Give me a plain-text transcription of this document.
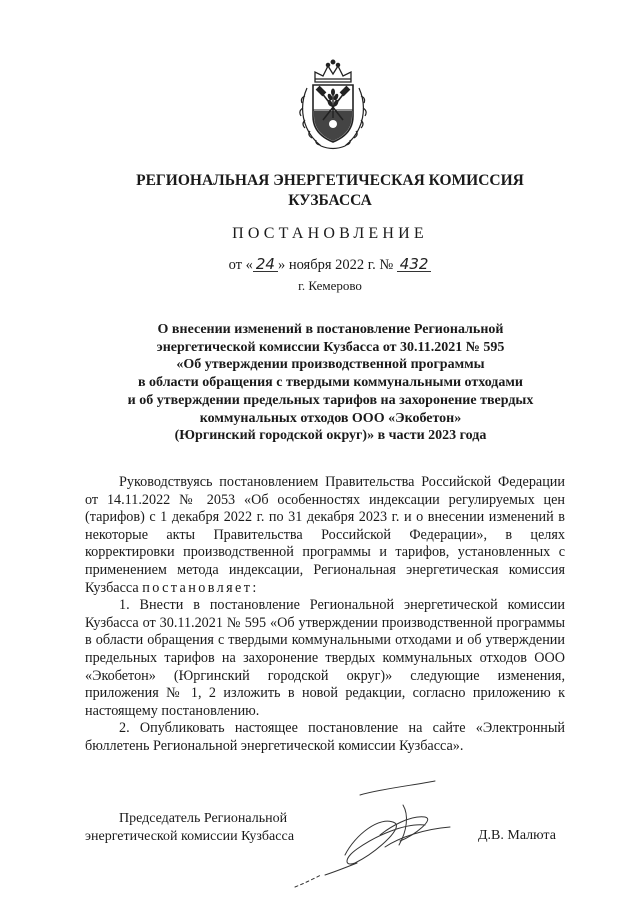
РЕГИОНАЛЬНАЯ ЭНЕРГЕТИЧЕСКАЯ КОМИССИЯ
КУЗБАССА
ПОСТАНОВЛЕНИЕ
от « 24 » ноября 2022 г. № 432
г. Кемерово
О внесении изменений в постановление Региональной
энергетической комиссии Кузбасса от 30.11.2021 № 595
«Об утверждении производственной программы
в области обращения с твердыми коммунальными отходами
и об утверждении предельных тарифов на захоронение твердых
коммунальных отходов ООО «Экобетон»
(Юргинский городской округ)» в части 2023 года

Руководствуясь постановлением Правительства Российской Федерации от 14.11.2022 № 2053 «Об особенностях индексации регулируемых цен (тарифов) с 1 декабря 2022 г. по 31 декабря 2023 г. и о внесении изменений в некоторые акты Правительства Российской Федерации», в целях корректировки производственной программы и тарифов, установленных с применением метода индексации, Региональная энергетическая комиссия Кузбасса постановляет:

1. Внести в постановление Региональной энергетической комиссии Кузбасса от 30.11.2021 № 595 «Об утверждении производственной программы в области обращения с твердыми коммунальными отходами и об утверждении предельных тарифов на захоронение твердых коммунальных отходов ООО «Экобетон» (Юргинский городской округ)» следующие изменения, приложения № 1, 2 изложить в новой редакции, согласно приложению к настоящему постановлению.

2. Опубликовать настоящее постановление на сайте «Электронный бюллетень Региональной энергетической комиссии Кузбасса».

Председатель Региональной
энергетической комиссии Кузбасса	Д.В. Малюта
